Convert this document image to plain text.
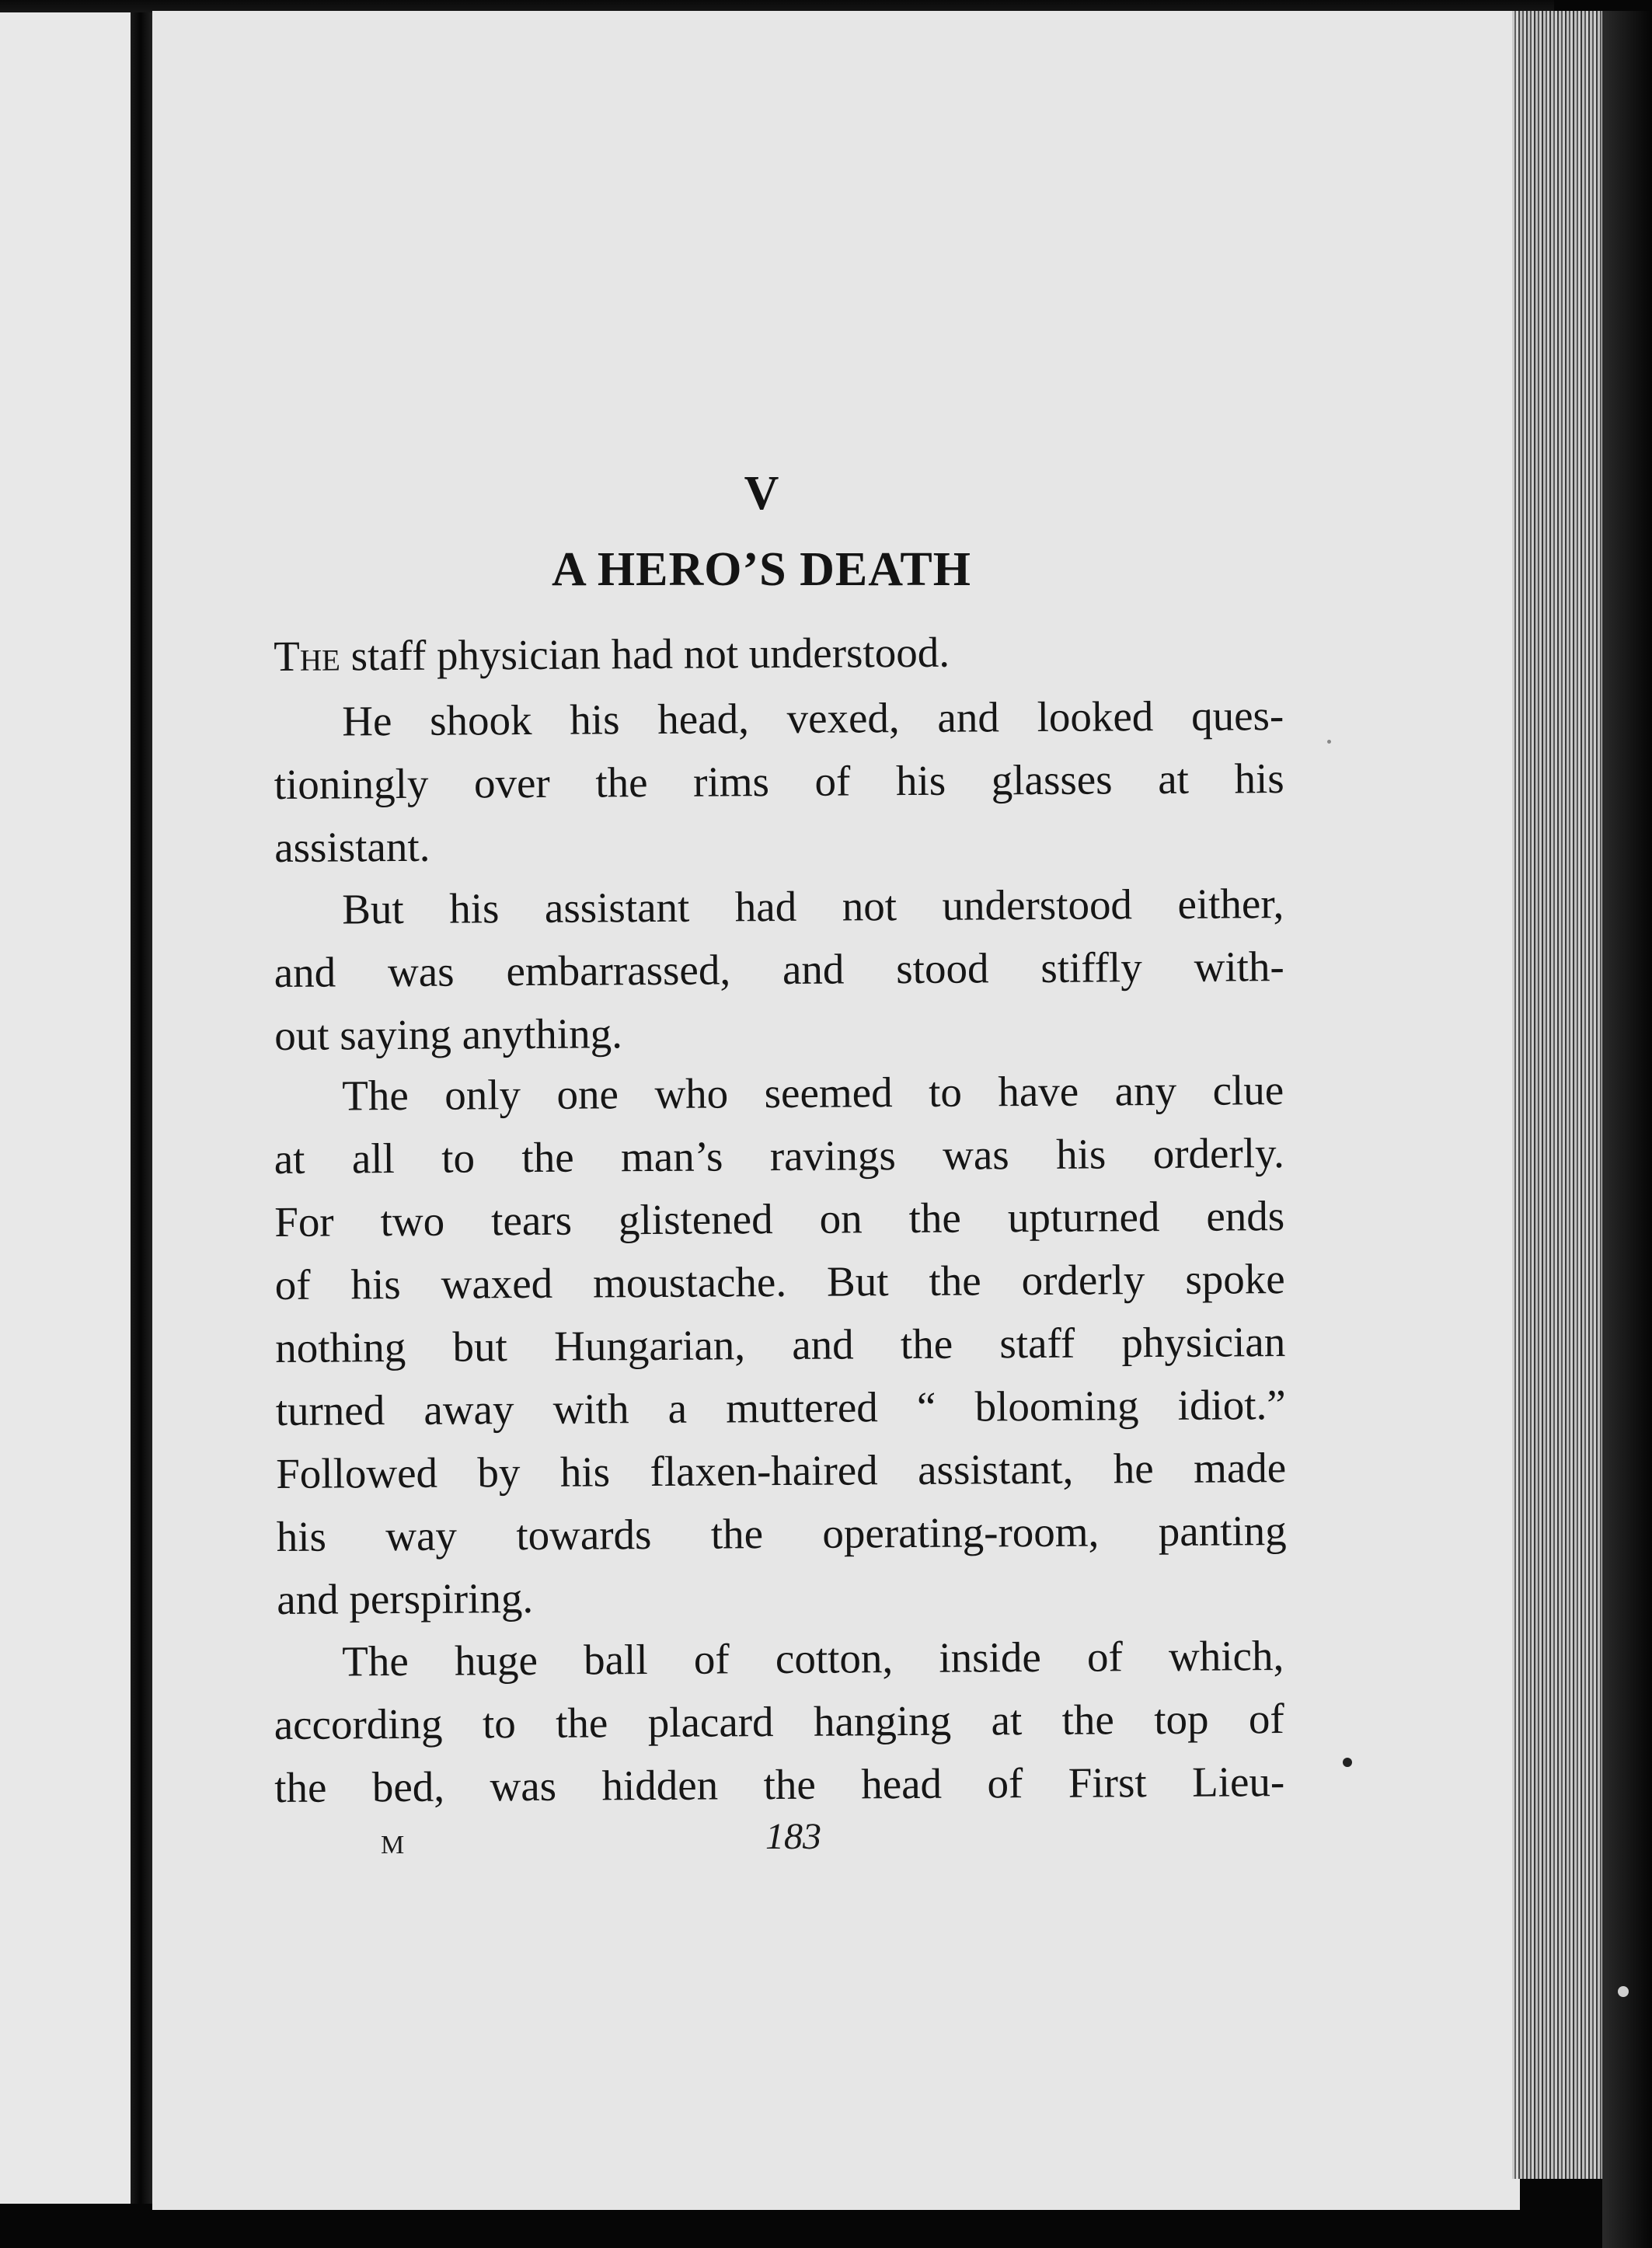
V
A HERO’S DEATH
The staff physician had not understood.
He shook his head, vexed, and looked ques-
tioningly over the rims of his glasses at his
assistant.
But his assistant had not understood either,
and was embarrassed, and stood stiffly with-
out saying anything.
The only one who seemed to have any clue
at all to the man’s ravings was his orderly.
For two tears glistened on the upturned ends
of his waxed moustache. But the orderly spoke
nothing but Hungarian, and the staff physician
turned away with a muttered “ blooming idiot.”
Followed by his flaxen-haired assistant, he made
his way towards the operating-room, panting
and perspiring.
The huge ball of cotton, inside of which,
according to the placard hanging at the top of
the bed, was hidden the head of First Lieu-
M	183
